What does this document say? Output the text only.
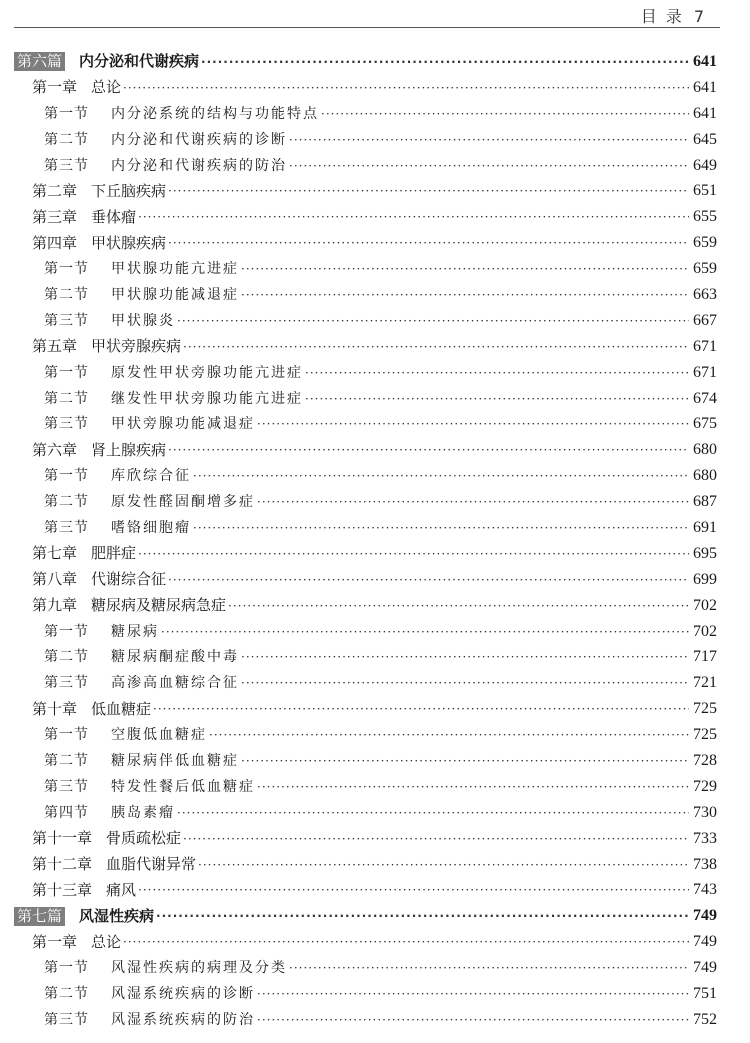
目 录 7
第六篇 内分泌和代谢疾病 ·····	641
第一章 总论 ·····	641
第一节 内分泌系统的结构与功能特点 ·····	641
第二节 内分泌和代谢疾病的诊断 ·····	645
第三节 内分泌和代谢疾病的防治 ·····	649
第二章 下丘脑疾病 ·····	651
第三章 垂体瘤 ·····	655
第四章 甲状腺疾病 ·····	659
第一节 甲状腺功能亢进症 ·····	659
第二节 甲状腺功能减退症 ·····	663
第三节 甲状腺炎 ·····	667
第五章 甲状旁腺疾病 ·····	671
第一节 原发性甲状旁腺功能亢进症 ·····	671
第二节 继发性甲状旁腺功能亢进症 ·····	674
第三节 甲状旁腺功能减退症 ·····	675
第六章 肾上腺疾病 ·····	680
第一节 库欣综合征 ·····	680
第二节 原发性醛固酮增多症 ·····	687
第三节 嗜铬细胞瘤 ·····	691
第七章 肥胖症 ·····	695
第八章 代谢综合征 ·····	699
第九章 糖尿病及糖尿病急症 ·····	702
第一节 糖尿病 ·····	702
第二节 糖尿病酮症酸中毒 ·····	717
第三节 高渗高血糖综合征 ·····	721
第十章 低血糖症 ·····	725
第一节 空腹低血糖症 ·····	725
第二节 糖尿病伴低血糖症 ·····	728
第三节 特发性餐后低血糖症 ·····	729
第四节 胰岛素瘤 ·····	730
第十一章 骨质疏松症 ·····	733
第十二章 血脂代谢异常 ·····	738
第十三章 痛风 ·····	743
第七篇 风湿性疾病 ·····	749
第一章 总论 ·····	749
第一节 风湿性疾病的病理及分类 ·····	749
第二节 风湿系统疾病的诊断 ·····	751
第三节 风湿系统疾病的防治 ·····	752
